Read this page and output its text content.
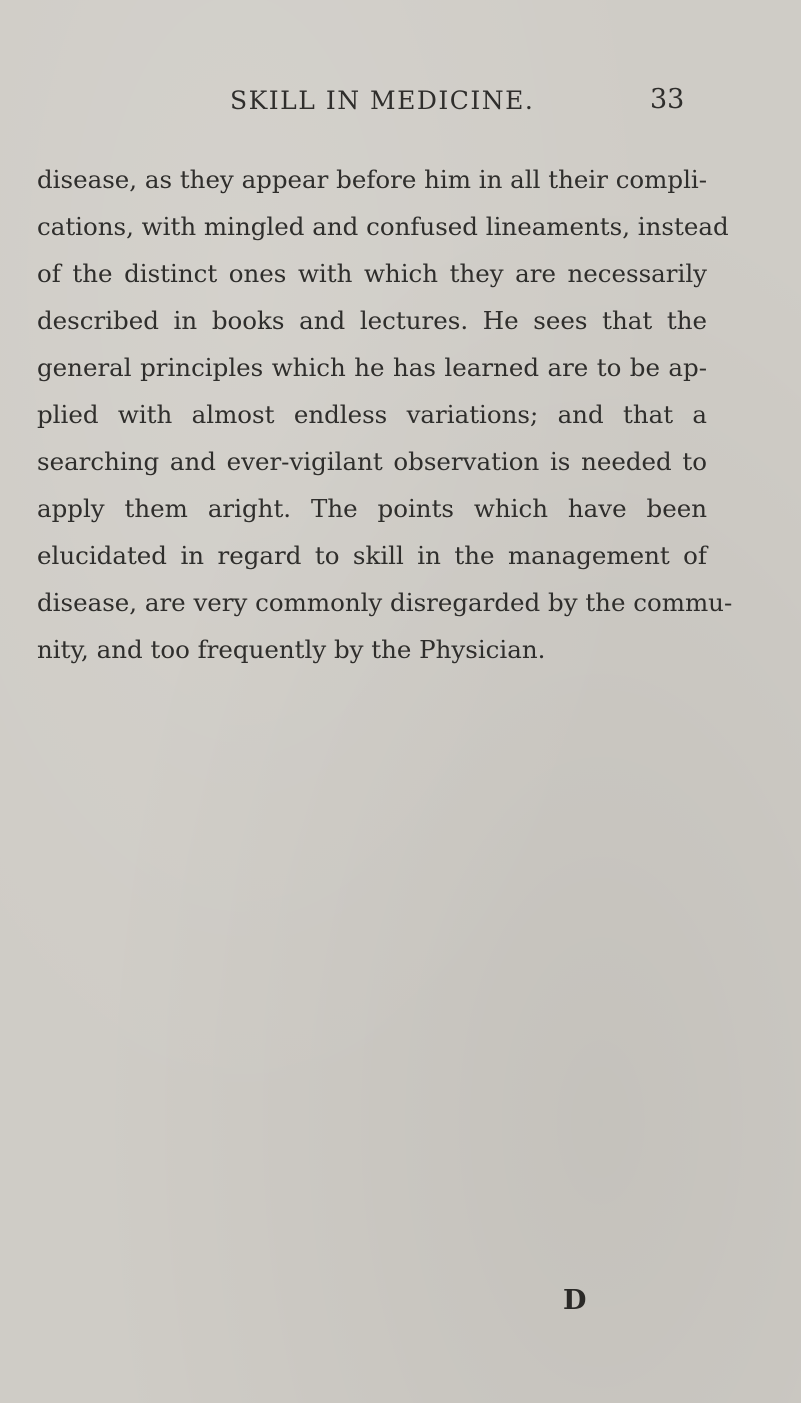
SKILL IN MEDICINE.	33

disease, as they appear before him in all their compli-
cations, with mingled and confused lineaments, instead
of the distinct ones with which they are necessarily
described in books and lectures. He sees that the
general principles which he has learned are to be ap-
plied with almost endless variations; and that a
searching and ever-vigilant observation is needed to
apply them aright. The points which have been
elucidated in regard to skill in the management of
disease, are very commonly disregarded by the commu-
nity, and too frequently by the Physician.

D
